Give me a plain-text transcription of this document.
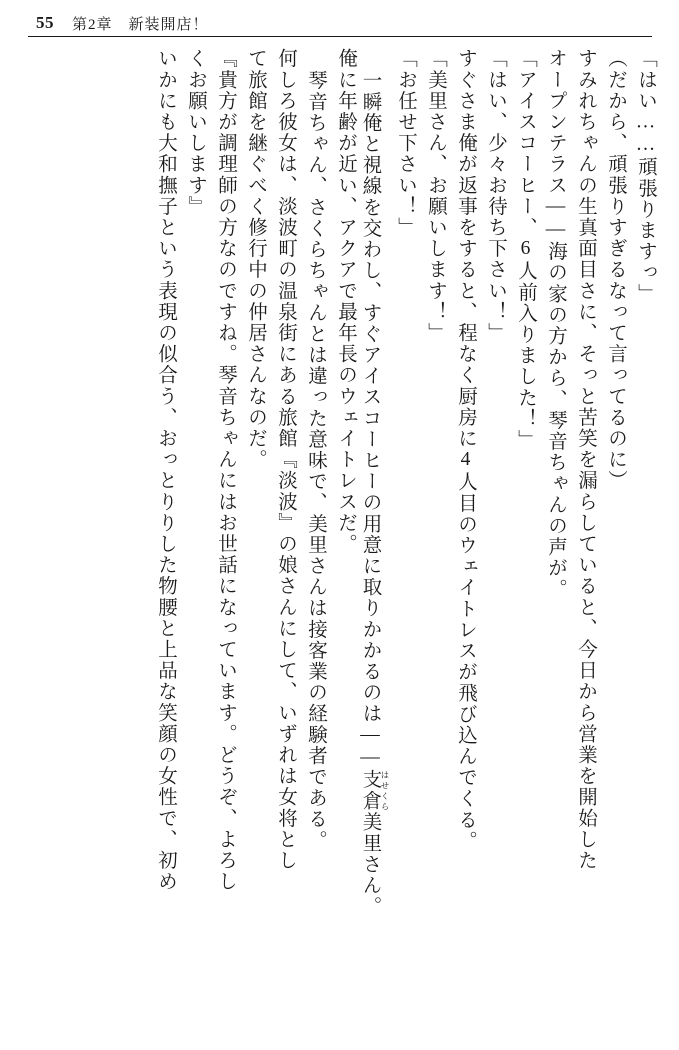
55 第2章　新装開店！
「はい……頑張りますっ」
（だから、頑張りすぎるなって言ってるのに）
すみれちゃんの生真面目さに、そっと苦笑を漏らしていると、今日から営業を開始した
オープンテラス――海の家の方から、琴音ちゃんの声が。
「アイスコーヒー、6人前入りました！」
「はい、少々お待ち下さい！」
すぐさま俺が返事をすると、程なく厨房に4人目のウェイトレスが飛び込んでくる。
「美里さん、お願いします！」
「お任せ下さい！」
一瞬俺と視線を交わし、すぐアイスコーヒーの用意に取りかかるのは――支倉 はせくら美里さん。
俺に年齢が近い、アクアで最年長のウェイトレスだ。
琴音ちゃん、さくらちゃんとは違った意味で、美里さんは接客業の経験者である。
何しろ彼女は、淡波町の温泉街にある旅館『淡波』の娘さんにして、いずれは女将とし
て旅館を継ぐべく修行中の仲居さんなのだ。
『貴方が調理師の方なのですね。琴音ちゃんにはお世話になっています。どうぞ、よろし
くお願いします』
いかにも大和撫子という表現の似合う、おっとりりした物腰と上品な笑顔の女性で、初め
